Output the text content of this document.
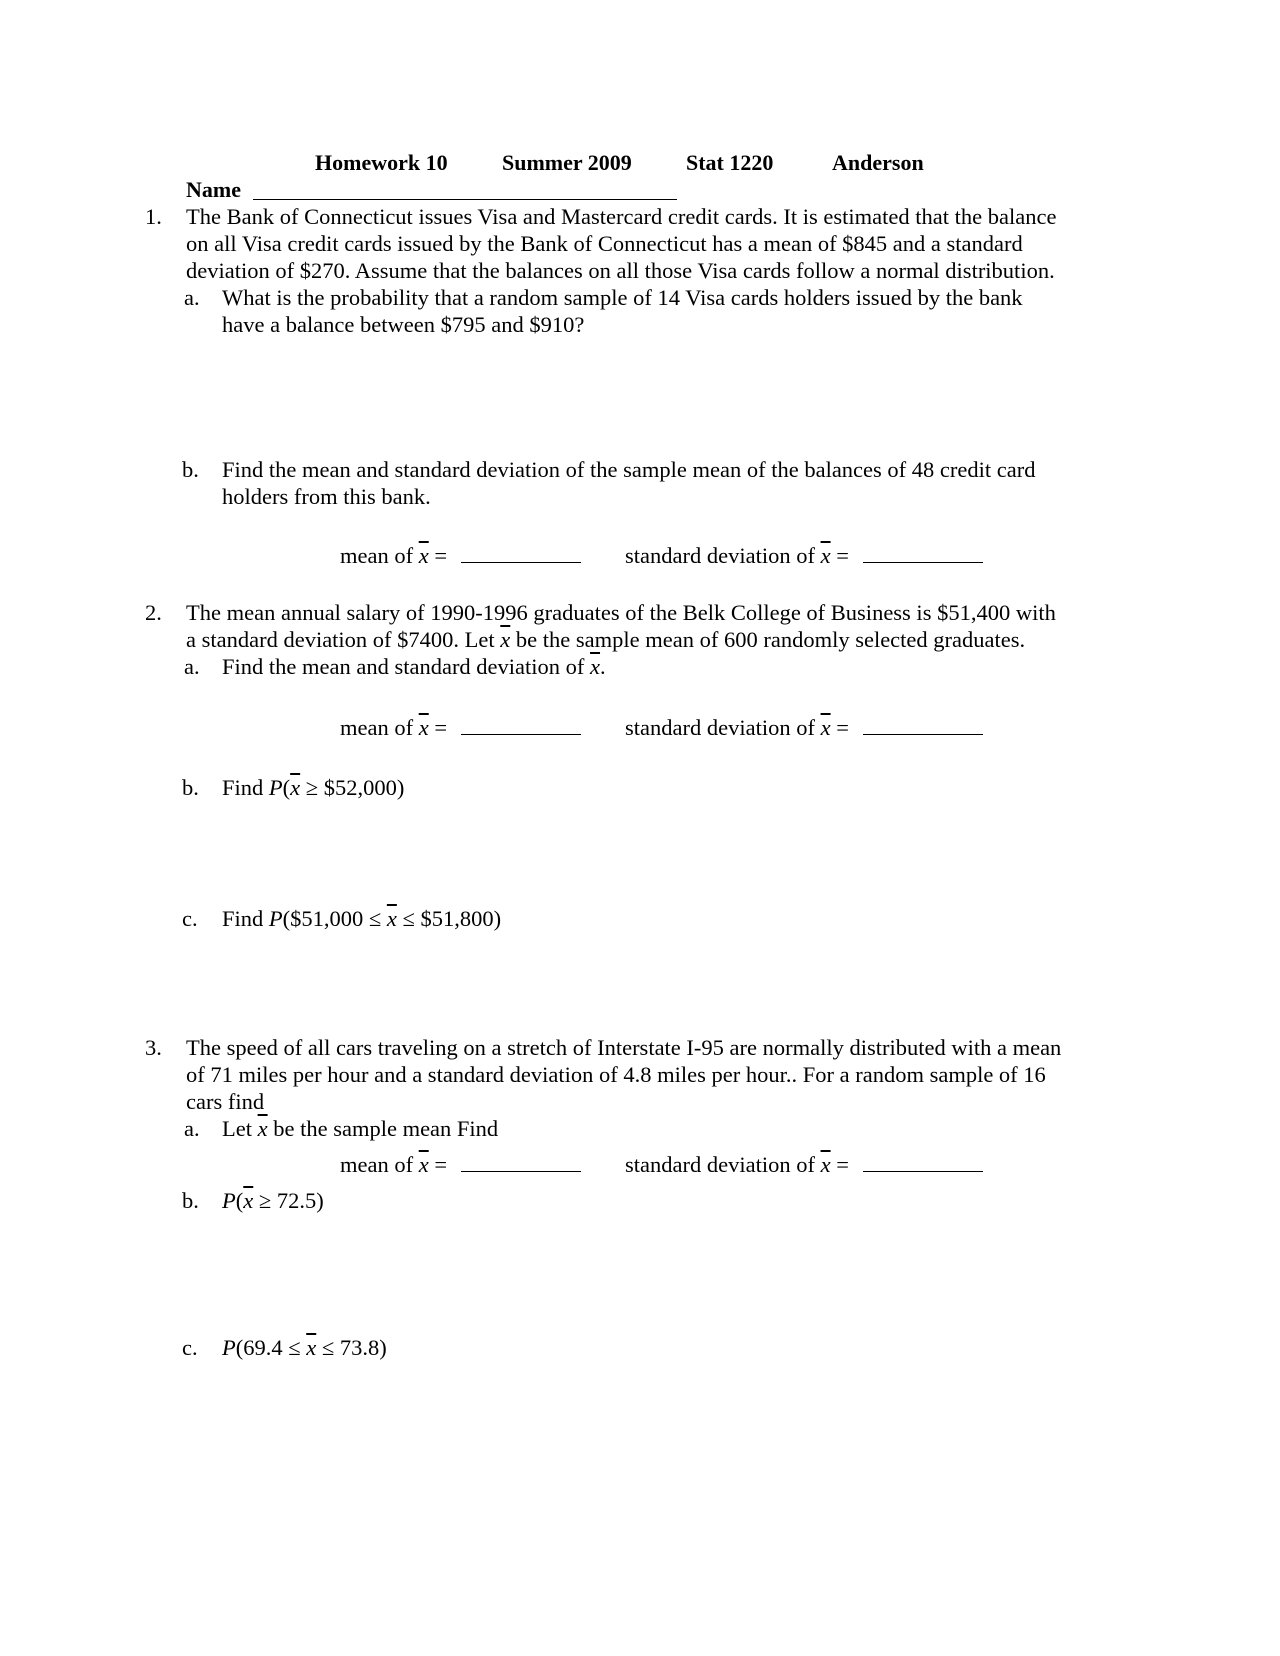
Homework 10 Summer 2009 Stat 1220	Anderson
Name
1. The Bank of Connecticut issues Visa and Mastercard credit cards. It is estimated that the balance
on all Visa credit cards issued by the Bank of Connecticut has a mean of $845 and a standard
deviation of $270. Assume that the balances on all those Visa cards follow a normal distribution.
a. What is the probability that a random sample of 14 Visa cards holders issued by the bank
have a balance between $795 and $910?
b. Find the mean and standard deviation of the sample mean of the balances of 48 credit card
holders from this bank.
mean of $\overline{x}$ =	standard deviation of $\overline{x}$ =
2. The mean annual salary of 1990-1996 graduates of the Belk College of Business is $51,400 with
a standard deviation of $7400. Let $\overline{x}$ be the sample mean of 600 randomly selected graduates.
a. Find the mean and standard deviation of $\overline{x}$.
mean of $\overline{x}$ =	standard deviation of $\overline{x}$ =
b. Find $P(\overline{x}$ ≥ $52,000)
c. Find P($51,000 ≤ $\overline{x}$ ≤ $51,800)
3. The speed of all cars traveling on a stretch of Interstate I-95 are normally distributed with a mean
of 71 miles per hour and a standard deviation of 4.8 miles per hour.. For a random sample of 16
cars find
a. Let $\overline{x}$ be the sample mean Find
mean of $\overline{x}$ =	standard deviation of $\overline{x}$ =
b. $P(\overline{x} \ge 72.5)$
c. $P(69.4 \le \overline{x} \le 73.8)$
